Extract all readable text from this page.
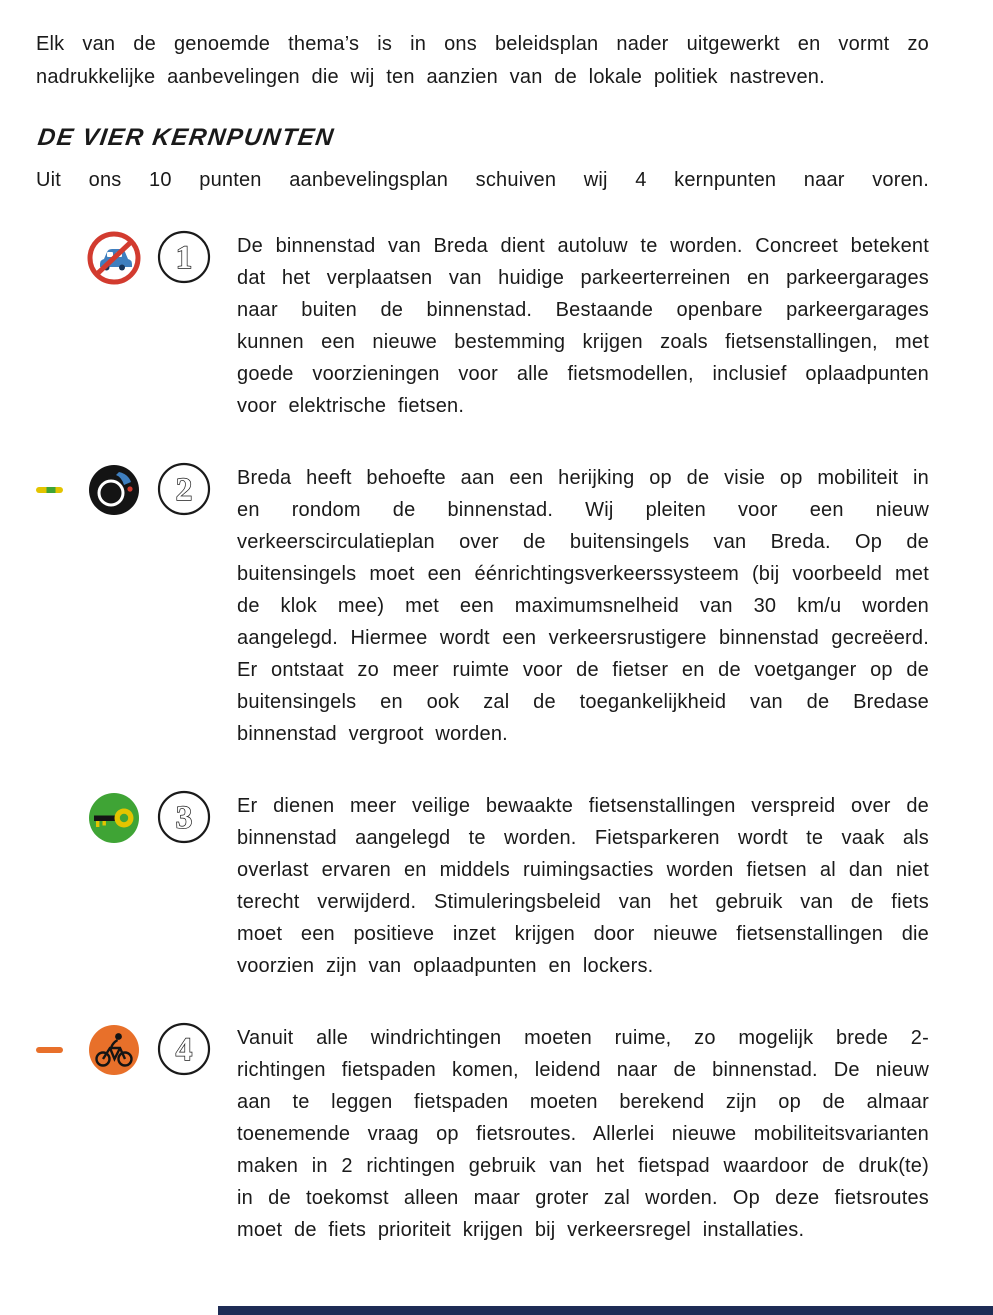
Elk van de genoemde thema’s is in ons beleidsplan nader uitgewerkt en vormt zo nadrukkelijke aanbevelingen die wij ten aanzien van de lokale politiek nastreven.

DE VIER KERNPUNTEN

Uit ons 10 punten aanbevelingsplan schuiven wij 4 kernpunten naar voren.

1 De binnenstad van Breda dient autoluw te worden. Concreet betekent dat het verplaatsen van huidige parkeerterreinen en parkeergarages naar buiten de binnenstad. Bestaande openbare parkeergarages kunnen een nieuwe bestemming krijgen zoals fietsenstallingen, met goede voorzieningen voor alle fietsmodellen, inclusief oplaadpunten voor elektrische fietsen.

2 Breda heeft behoefte aan een herijking op de visie op mobiliteit in en rondom de binnenstad. Wij pleiten voor een nieuw verkeerscirculatieplan over de buitensingels van Breda. Op de buitensingels moet een éénrichtingsverkeerssysteem (bij voorbeeld met de klok mee) met een maximumsnelheid van 30 km/u worden aangelegd. Hiermee wordt een verkeersrustigere binnenstad gecreëerd. Er ontstaat zo meer ruimte voor de fietser en de voetganger op de buitensingels en ook zal de toegankelijkheid van de Bredase binnenstad vergroot worden.

3 Er dienen meer veilige bewaakte fietsenstallingen verspreid over de binnenstad aangelegd te worden. Fietsparkeren wordt te vaak als overlast ervaren en middels ruimingsacties worden fietsen al dan niet terecht verwijderd. Stimuleringsbeleid van het gebruik van de fiets moet een positieve inzet krijgen door nieuwe fietsenstallingen die voorzien zijn van oplaadpunten en lockers.

4 Vanuit alle windrichtingen moeten ruime, zo mogelijk brede 2-richtingen fietspaden komen, leidend naar de binnenstad. De nieuw aan te leggen fietspaden moeten berekend zijn op de almaar toenemende vraag op fietsroutes. Allerlei nieuwe mobiliteitsvarianten maken in 2 richtingen gebruik van het fietspad waardoor de druk(te) in de toekomst alleen maar groter zal worden. Op deze fietsroutes moet de fiets prioriteit krijgen bij verkeersregel installaties.
